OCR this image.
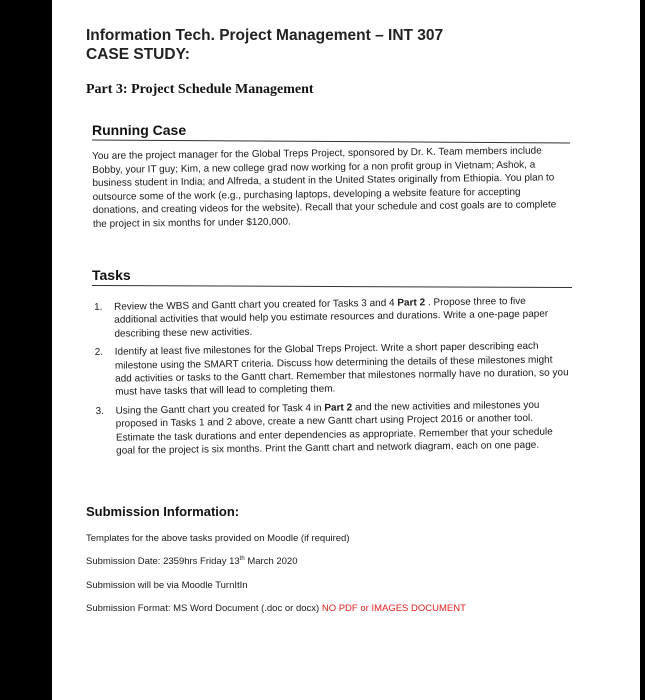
Information Tech. Project Management – INT 307
CASE STUDY:
Part 3: Project Schedule Management
Running Case
You are the project manager for the Global Treps Project, sponsored by Dr. K. Team members include Bobby, your IT guy; Kim, a new college grad now working for a non profit group in Vietnam; Ashok, a business student in India; and Alfreda, a student in the United States originally from Ethiopia. You plan to outsource some of the work (e.g., purchasing laptops, developing a website feature for accepting donations, and creating videos for the website). Recall that your schedule and cost goals are to complete the project in six months for under $120,000.
Tasks
1. Review the WBS and Gantt chart you created for Tasks 3 and 4 Part 2 . Propose three to five additional activities that would help you estimate resources and durations. Write a one-page paper describing these new activities.
2. Identify at least five milestones for the Global Treps Project. Write a short paper describing each milestone using the SMART criteria. Discuss how determining the details of these milestones might add activities or tasks to the Gantt chart. Remember that milestones normally have no duration, so you must have tasks that will lead to completing them.
3. Using the Gantt chart you created for Task 4 in Part 2 and the new activities and milestones you proposed in Tasks 1 and 2 above, create a new Gantt chart using Project 2016 or another tool. Estimate the task durations and enter dependencies as appropriate. Remember that your schedule goal for the project is six months. Print the Gantt chart and network diagram, each on one page.
Submission Information:
Templates for the above tasks provided on Moodle (if required)
Submission Date: 2359hrs Friday 13th March 2020
Submission will be via Moodle TurnItIn
Submission Format: MS Word Document (.doc or docx) NO PDF or IMAGES DOCUMENT
